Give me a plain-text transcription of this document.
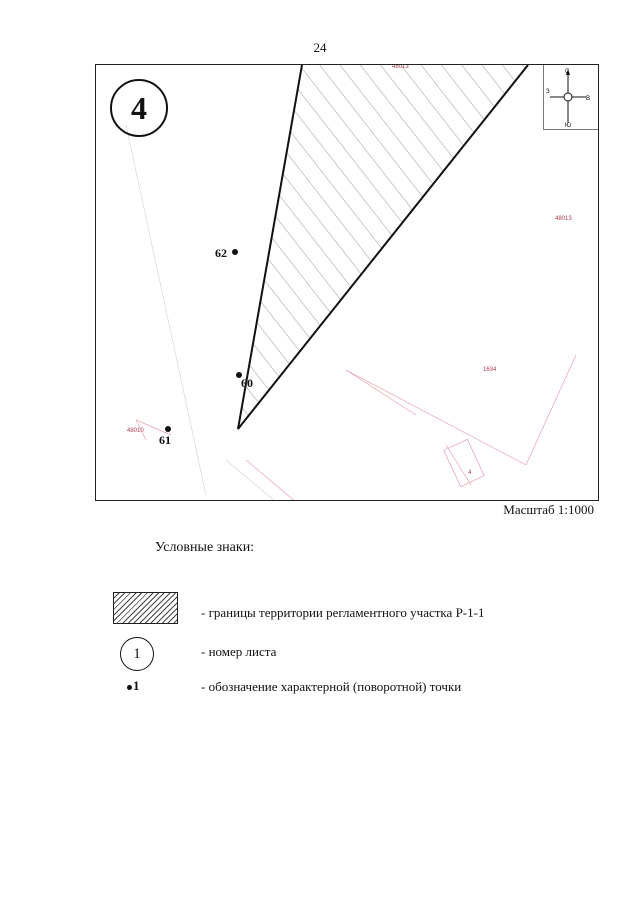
24
4
62
60
61
48013
1634
48010
4
48013
С
Ю
З
В
Масштаб 1:1000
Условные знаки:
- границы территории регламентного участка Р-1-1
1	- номер листа
1	- обозначение характерной (поворотной) точки
